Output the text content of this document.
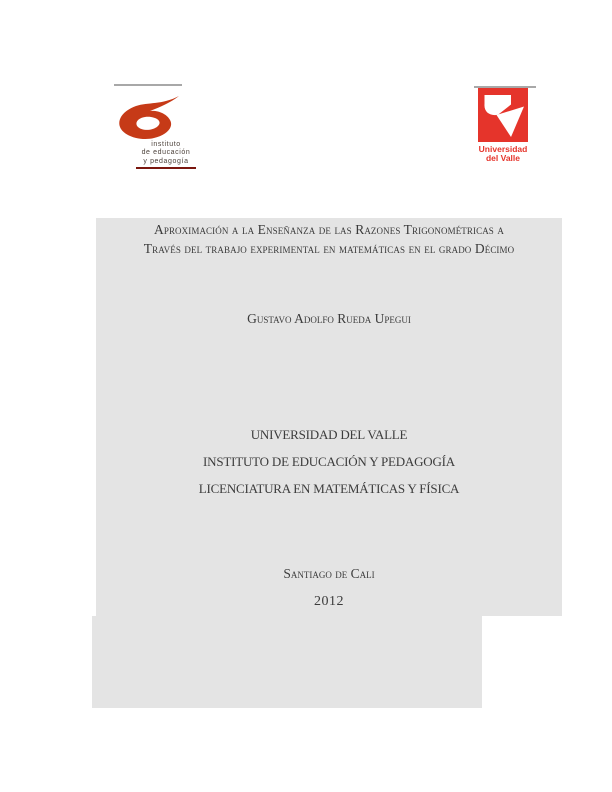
instituto
de educación
y pedagogía
Universidad
del Valle
Aproximación a la Enseñanza de las Razones Trigonométricas a
Través del trabajo experimental en matemáticas en el grado Décimo
Gustavo Adolfo Rueda Upegui
UNIVERSIDAD DEL VALLE
INSTITUTO DE EDUCACIÓN Y PEDAGOGÍA
LICENCIATURA EN MATEMÁTICAS Y FÍSICA
Santiago de Cali
2012
